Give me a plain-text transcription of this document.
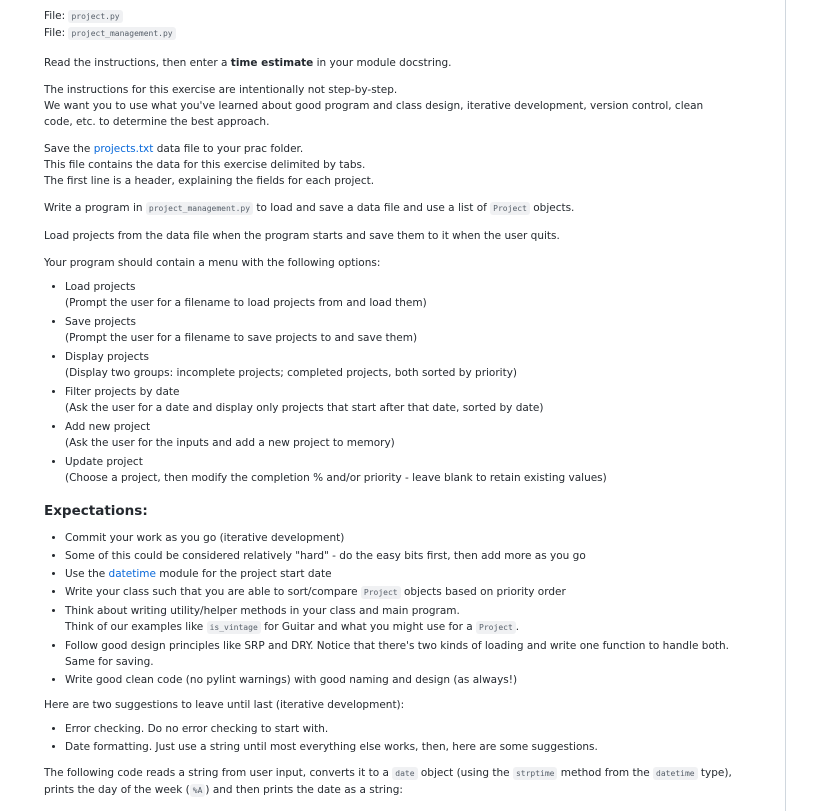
File: project.py
File: project_management.py

Read the instructions, then enter a time estimate in your module docstring.

The instructions for this exercise are intentionally not step-by-step.
We want you to use what you've learned about good program and class design, iterative development, version control, clean code, etc. to determine the best approach.

Save the projects.txt data file to your prac folder.
This file contains the data for this exercise delimited by tabs.
The first line is a header, explaining the fields for each project.

Write a program in project_management.py to load and save a data file and use a list of Project objects.

Load projects from the data file when the program starts and save them to it when the user quits.

Your program should contain a menu with the following options:

• Load projects
(Prompt the user for a filename to load projects from and load them)
• Save projects
(Prompt the user for a filename to save projects to and save them)
• Display projects
(Display two groups: incomplete projects; completed projects, both sorted by priority)
• Filter projects by date
(Ask the user for a date and display only projects that start after that date, sorted by date)
• Add new project
(Ask the user for the inputs and add a new project to memory)
• Update project
(Choose a project, then modify the completion % and/or priority - leave blank to retain existing values)
Expectations:
• Commit your work as you go (iterative development)
• Some of this could be considered relatively "hard" - do the easy bits first, then add more as you go
• Use the datetime module for the project start date
• Write your class such that you are able to sort/compare Project objects based on priority order
• Think about writing utility/helper methods in your class and main program.
Think of our examples like is_vintage for Guitar and what you might use for a Project .
• Follow good design principles like SRP and DRY. Notice that there's two kinds of loading and write one function to handle both. Same for saving.
• Write good clean code (no pylint warnings) with good naming and design (as always!)

Here are two suggestions to leave until last (iterative development):

• Error checking. Do no error checking to start with.
• Date formatting. Just use a string until most everything else works, then, here are some suggestions.

The following code reads a string from user input, converts it to a date object (using the strptime method from the datetime type), prints the day of the week ( %A ) and then prints the date as a string:
